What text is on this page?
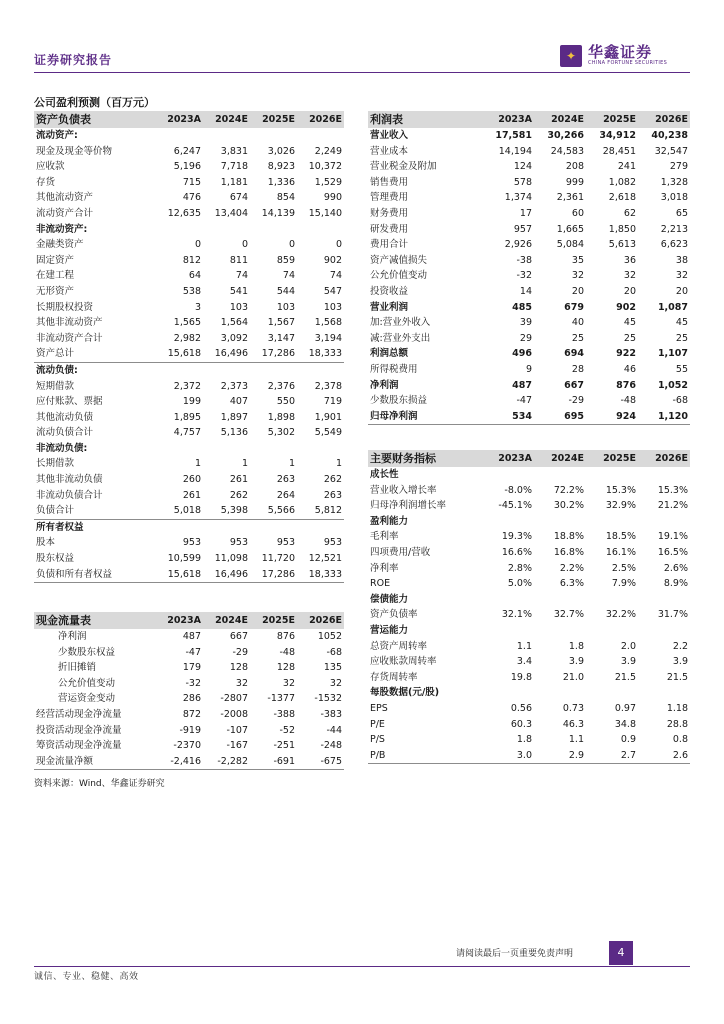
证券研究报告	✦ 华鑫证券
CHINA FORTUNE SECURITIES
公司盈利预测（百万元）
资产负债表	2023A	2024E	2025E	2026E
流动资产:				
现金及现金等价物	6,247	3,831	3,026	2,249
应收款	5,196	7,718	8,923	10,372
存货	715	1,181	1,336	1,529
其他流动资产	476	674	854	990
流动资产合计	12,635	13,404	14,139	15,140
非流动资产:				
金融类资产	0	0	0	0
固定资产	812	811	859	902
在建工程	64	74	74	74
无形资产	538	541	544	547
长期股权投资	3	103	103	103
其他非流动资产	1,565	1,564	1,567	1,568
非流动资产合计	2,982	3,092	3,147	3,194
资产总计	15,618	16,496	17,286	18,333
流动负债:				
短期借款	2,372	2,373	2,376	2,378
应付账款、票据	199	407	550	719
其他流动负债	1,895	1,897	1,898	1,901
流动负债合计	4,757	5,136	5,302	5,549
非流动负债:				
长期借款	1	1	1	1
其他非流动负债	260	261	263	262
非流动负债合计	261	262	264	263
负债合计	5,018	5,398	5,566	5,812
所有者权益				
股本	953	953	953	953
股东权益	10,599	11,098	11,720	12,521
负债和所有者权益	15,618	16,496	17,286	18,333
利润表	2023A	2024E	2025E	2026E
营业收入	17,581	30,266	34,912	40,238
营业成本	14,194	24,583	28,451	32,547
营业税金及附加	124	208	241	279
销售费用	578	999	1,082	1,328
管理费用	1,374	2,361	2,618	3,018
财务费用	17	60	62	65
研发费用	957	1,665	1,850	2,213
费用合计	2,926	5,084	5,613	6,623
资产减值损失	-38	35	36	38
公允价值变动	-32	32	32	32
投资收益	14	20	20	20
营业利润	485	679	902	1,087
加:营业外收入	39	40	45	45
减:营业外支出	29	25	25	25
利润总额	496	694	922	1,107
所得税费用	9	28	46	55
净利润	487	667	876	1,052
少数股东损益	-47	-29	-48	-68
归母净利润	534	695	924	1,120
主要财务指标	2023A	2024E	2025E	2026E
成长性				
营业收入增长率	-8.0%	72.2%	15.3%	15.3%
归母净利润增长率	-45.1%	30.2%	32.9%	21.2%
盈利能力				
毛利率	19.3%	18.8%	18.5%	19.1%
四项费用/营收	16.6%	16.8%	16.1%	16.5%
净利率	2.8%	2.2%	2.5%	2.6%
ROE	5.0%	6.3%	7.9%	8.9%
偿债能力				
资产负债率	32.1%	32.7%	32.2%	31.7%
营运能力				
总资产周转率	1.1	1.8	2.0	2.2
应收账款周转率	3.4	3.9	3.9	3.9
存货周转率	19.8	21.0	21.5	21.5
每股数据(元/股)				
EPS	0.56	0.73	0.97	1.18
P/E	60.3	46.3	34.8	28.8
P/S	1.8	1.1	0.9	0.8
P/B	3.0	2.9	2.7	2.6
现金流量表	2023A	2024E	2025E	2026E
净利润	487	667	876	1052
少数股东权益	-47	-29	-48	-68
折旧摊销	179	128	128	135
公允价值变动	-32	32	32	32
营运资金变动	286	-2807	-1377	-1532
经营活动现金净流量	872	-2008	-388	-383
投资活动现金净流量	-919	-107	-52	-44
筹资活动现金净流量	-2370	-167	-251	-248
现金流量净额	-2,416	-2,282	-691	-675
资料来源：Wind、华鑫证券研究
请阅读最后一页重要免责声明	4
诚信、专业、稳健、高效
